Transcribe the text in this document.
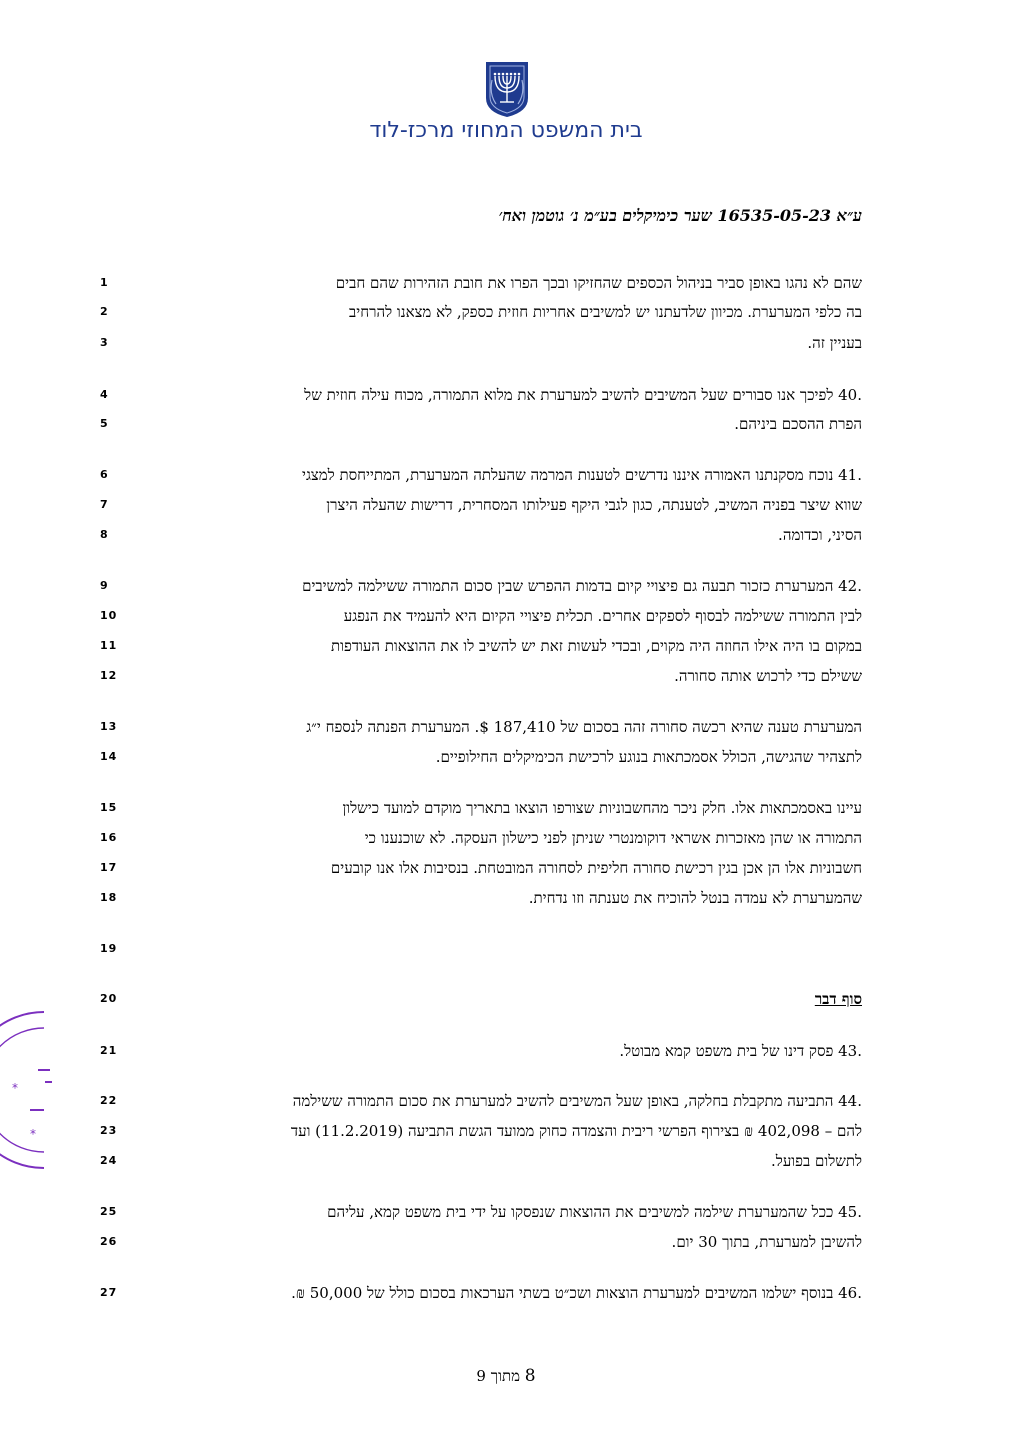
בית המשפט המחוזי מרכז-לוד
ע״א 16535-05-23 שער כימיקלים בע״מ נ׳ גוטמן ואח׳
*
*
שהם לא נהגו באופן סביר בניהול הכספים שהחזיקו ובכך הפרו את חובת הזהירות שהם חבים
1
בה כלפי המערערת. מכיוון שלדעתנו יש למשיבים אחריות חוזית כספק, לא מצאנו להרחיב
2
בעניין זה.
3
.40 לפיכך אנו סבורים שעל המשיבים להשיב למערערת את מלוא התמורה, מכוח עילה חוזית של
4
הפרת ההסכם ביניהם.
5
.41 נוכח מסקנתנו האמורה איננו נדרשים לטענות המרמה שהעלתה המערערת, המתייחסת למצגי
6
שווא שיצר בפניה המשיב, לטענתה, כגון לגבי היקף פעילותו המסחרית, דרישות שהעלה היצרן
7
הסיני, וכדומה.
8
.42 המערערת כזכור תבעה גם פיצויי קיום בדמות ההפרש שבין סכום התמורה ששילמה למשיבים
9
לבין התמורה ששילמה לבסוף לספקים אחרים. תכלית פיצויי הקיום היא להעמיד את הנפגע
10
במקום בו היה אילו החוזה היה מקוים, ובכדי לעשות זאת יש להשיב לו את ההוצאות העודפות
11
ששילם כדי לרכוש אותה סחורה.
12
המערערת טענה שהיא רכשה סחורה זהה בסכום של 187,410 $. המערערת הפנתה לנספח י״ג
13
לתצהיר שהגישה, הכולל אסמכתאות בנוגע לרכישת הכימיקלים החילופיים.
14
עיינו באסמכתאות אלו. חלק ניכר מהחשבוניות שצורפו הוצאו בתאריך מוקדם למועד כישלון
15
התמורה או שהן מאזכרות אשראי דוקומנטרי שניתן לפני כישלון העסקה. לא שוכנענו כי
16
חשבוניות אלו הן אכן בגין רכישת סחורה חליפית לסחורה המובטחת. בנסיבות אלו אנו קובעים
17
שהמערערת לא עמדה בנטל להוכיח את טענתה וזו נדחית.
18
19
סוף דבר
20
.43 פסק דינו של בית משפט קמא מבוטל.
21
.44 התביעה מתקבלת בחלקה, באופן שעל המשיבים להשיב למערערת את סכום התמורה ששילמה
22
להם – 402,098 ₪ בצירוף הפרשי ריבית והצמדה כחוק ממועד הגשת התביעה (11.2.2019) ועד
23
לתשלום בפועל.
24
.45 ככל שהמערערת שילמה למשיבים את ההוצאות שנפסקו על ידי בית משפט קמא, עליהם
25
להשיבן למערערת, בתוך 30 יום.
26
.46 בנוסף ישלמו המשיבים למערערת הוצאות ושכ״ט בשתי הערכאות בסכום כולל של 50,000 ₪.
27
8 מתוך 9
